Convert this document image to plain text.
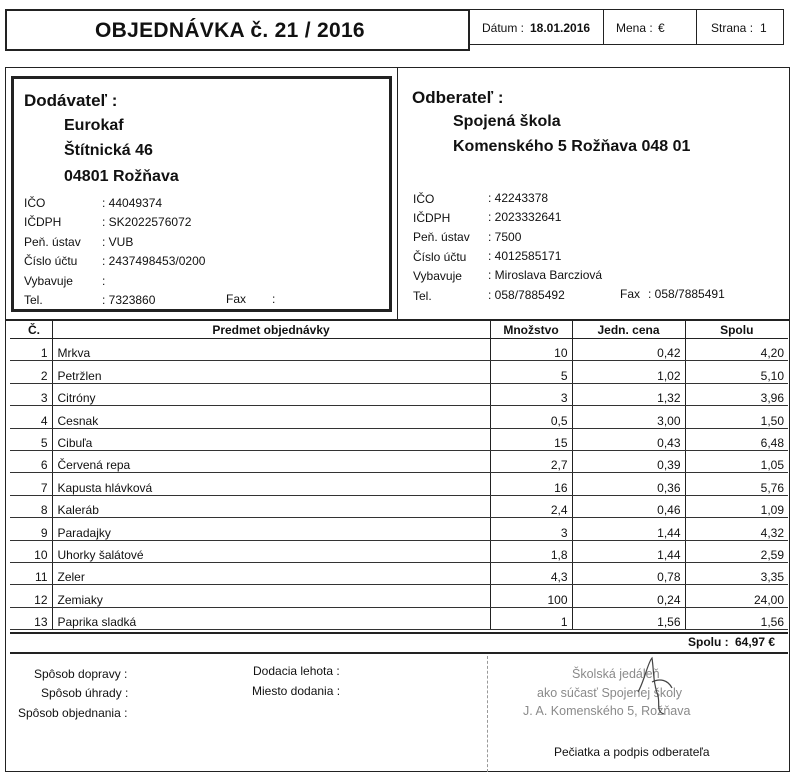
OBJEDNÁVKA č. 21 / 2016	Dátum : 18.01.2016 Mena : €	Strana : 1
Dodávateľ :
Eurokaf
Štítnická 46
04801 Rožňava
IČO	: 44049374
IČDPH	: SK2022576072
Peň. ústav : VUB
Číslo účtu : 2437498453/0200
Vybavuje :
Tel.	: 7323860	Fax :
Odberateľ :
Spojená škola
Komenského 5 Rožňava 048 01
IČO	: 42243378
IČDPH	: 2023332641
Peň. ústav : 7500
Číslo účtu : 4012585171
Vybavuje : Miroslava Barcziová
Tel.	: 058/7885492	Fax : 058/7885491
Č.	Predmet objednávky	Množstvo	Jedn. cena	Spolu
1	Mrkva	10	0,42	4,20
2	Petržlen	5	1,02	5,10
3	Citróny	3	1,32	3,96
4	Cesnak	0,5	3,00	1,50
5	Cibuľa	15	0,43	6,48
6	Červená repa	2,7	0,39	1,05
7	Kapusta hlávková	16	0,36	5,76
8	Kaleráb	2,4	0,46	1,09
9	Paradajky	3	1,44	4,32
10	Uhorky šalátové	1,8	1,44	2,59
11	Zeler	4,3	0,78	3,35
12	Zemiaky	100	0,24	24,00
13	Paprika sladká	1	1,56	1,56
Spolu : 64,97 €
Spôsob dopravy :
Spôsob úhrady :
Spôsob objednania :
Dodacia lehota :
Miesto dodania :
Školská jedáleň
ako súčasť Spojenej školy
J. A. Komenského 5, Rožňava
Pečiatka a podpis odberateľa
